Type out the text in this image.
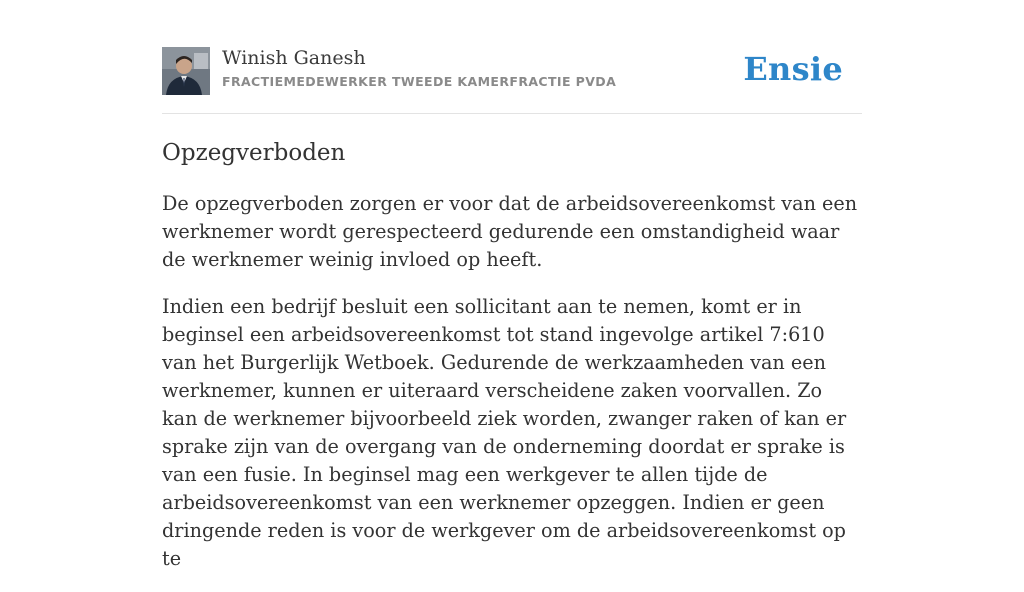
Winish Ganesh
FRACTIEMEDEWERKER TWEEDE KAMERFRACTIE PVDA	Ensie
Opzegverboden

De opzegverboden zorgen er voor dat de arbeidsovereenkomst van een werknemer wordt gerespecteerd gedurende een omstandigheid waar de werknemer weinig invloed op heeft.

Indien een bedrijf besluit een sollicitant aan te nemen, komt er in beginsel een arbeidsovereenkomst tot stand ingevolge artikel 7:610 van het Burgerlijk Wetboek. Gedurende de werkzaamheden van een werknemer, kunnen er uiteraard verscheidene zaken voorvallen. Zo kan de werknemer bijvoorbeeld ziek worden, zwanger raken of kan er sprake zijn van de overgang van de onderneming doordat er sprake is van een fusie. In beginsel mag een werkgever te allen tijde de arbeidsovereenkomst van een werknemer opzeggen. Indien er geen dringende reden is voor de werkgever om de arbeidsovereenkomst op te
